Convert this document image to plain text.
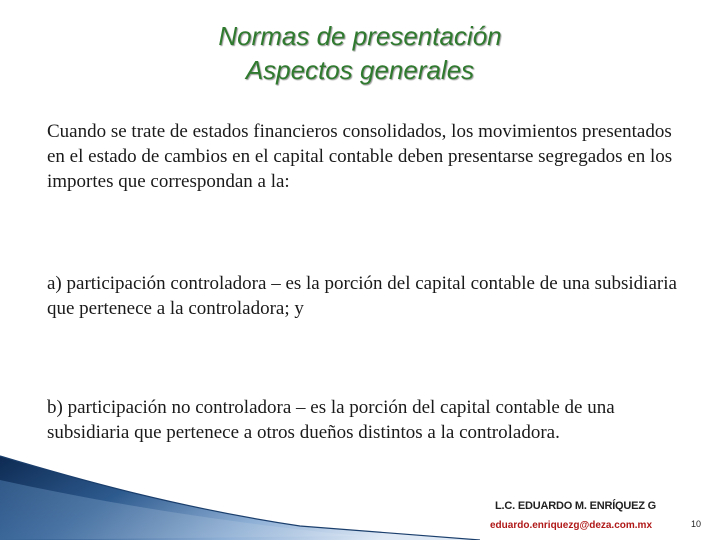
Normas de presentación
Aspectos generales

Cuando se trate de estados financieros consolidados, los movimientos presentados en el estado de cambios en el capital contable deben presentarse segregados en los importes que correspondan a la:

a) participación controladora – es la porción del capital contable de una subsidiaria que pertenece a la controladora; y

b) participación no controladora – es la porción del capital contable de una subsidiaria que pertenece a otros dueños distintos a la controladora.

L.C. EDUARDO M. ENRÍQUEZ G
eduardo.enriquezg@deza.com.mx	10
